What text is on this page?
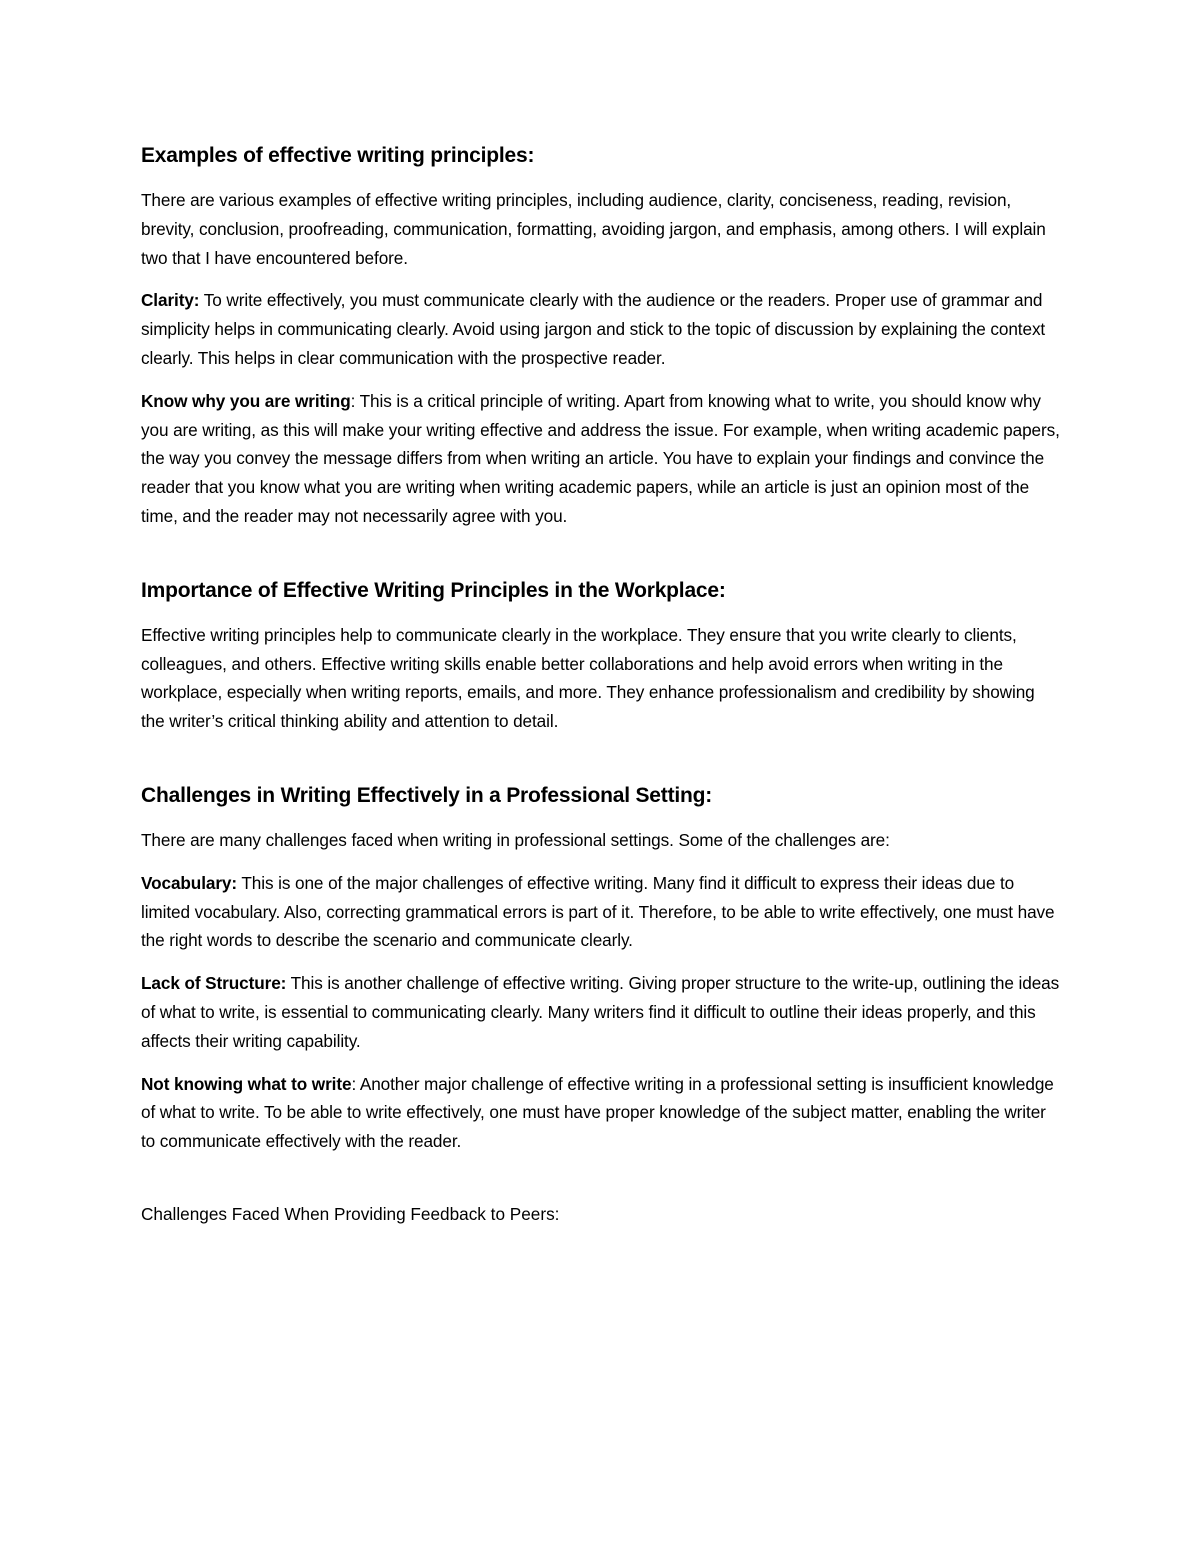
Examples of effective writing principles:

There are various examples of effective writing principles, including audience, clarity, conciseness, reading, revision, brevity, conclusion, proofreading, communication, formatting, avoiding jargon, and emphasis, among others. I will explain two that I have encountered before.

Clarity: To write effectively, you must communicate clearly with the audience or the readers. Proper use of grammar and simplicity helps in communicating clearly. Avoid using jargon and stick to the topic of discussion by explaining the context clearly. This helps in clear communication with the prospective reader.

Know why you are writing: This is a critical principle of writing. Apart from knowing what to write, you should know why you are writing, as this will make your writing effective and address the issue. For example, when writing academic papers, the way you convey the message differs from when writing an article. You have to explain your findings and convince the reader that you know what you are writing when writing academic papers, while an article is just an opinion most of the time, and the reader may not necessarily agree with you.

Importance of Effective Writing Principles in the Workplace:

Effective writing principles help to communicate clearly in the workplace. They ensure that you write clearly to clients, colleagues, and others. Effective writing skills enable better collaborations and help avoid errors when writing in the workplace, especially when writing reports, emails, and more. They enhance professionalism and credibility by showing the writer’s critical thinking ability and attention to detail.

Challenges in Writing Effectively in a Professional Setting:

There are many challenges faced when writing in professional settings. Some of the challenges are:

Vocabulary: This is one of the major challenges of effective writing. Many find it difficult to express their ideas due to limited vocabulary. Also, correcting grammatical errors is part of it. Therefore, to be able to write effectively, one must have the right words to describe the scenario and communicate clearly.

Lack of Structure: This is another challenge of effective writing. Giving proper structure to the write-up, outlining the ideas of what to write, is essential to communicating clearly. Many writers find it difficult to outline their ideas properly, and this affects their writing capability.

Not knowing what to write: Another major challenge of effective writing in a professional setting is insufficient knowledge of what to write. To be able to write effectively, one must have proper knowledge of the subject matter, enabling the writer to communicate effectively with the reader.

Challenges Faced When Providing Feedback to Peers:
